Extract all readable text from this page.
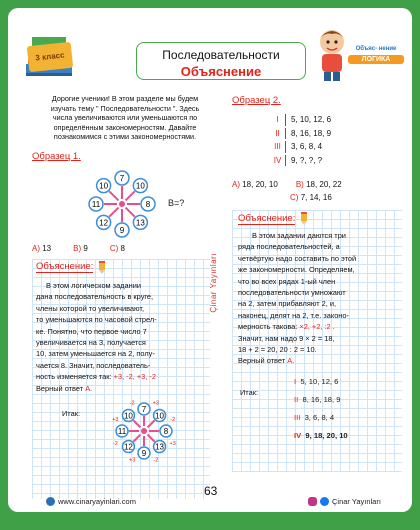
3 класс	Последовательности
Объяснение
Объяс- нение
ЛОГИКА
Дорогие ученики! В этом разделе мы будем изучать тему " Последовательности ". Здесь числа увеличиваются или уменьшаются по определённым закономерностям. Давайте познакомимся с этими закономерностями.
Образец 1.
7
10
8
13
9
12
11
10
B=?
A) 13	B) 9	C) 8
Объяснение:
В этом логическом задании
дана последовательность в круге,
члены которой то увеличивают,
то уменьшаются по часовой стрел-
ке. Понятно, что первое число 7
увеличивается на 3, получается
10, затем уменьшается на 2, полу-
чается 8. Значит, последователь-
ность изменяется так: +3, -2, +3, -2
Верный ответ A.
Итак:	7
+3
10 -2
8
+3
13
-2
9
+3
12
-2
11
+3 10
-2
Çinar Yayınları
Образец 2.
I	5, 10, 12, 6
II	8, 16, 18, 9
III	3, 6, 8, 4
IV	9, ?, ?, ?
A) 18, 20, 10 B) 18, 20, 22
C) 7, 14, 16
Объяснение:
В этом задании даются три
ряда последовательностей, а
четвёртую надо составить по этой
же закономерности. Определяем,
что во всех рядах 1-ый член
последовательности умножают
на 2, затем прибавляют 2, и,
наконец, делят на 2, т.е. законо-
мерность такова: ×2, +2, :2 .
Значит, нам надо 9 × 2 = 18,
18 + 2 = 20, 20 : 2 = 10.
Верный ответ A.
Итак:
I 5, 10, 12, 6
II 8, 16, 18, 9
III 3, 6, 8, 4
IV 9, 18, 20, 10
63
www.cinaryayinlari.com	Çinar Yayınları
